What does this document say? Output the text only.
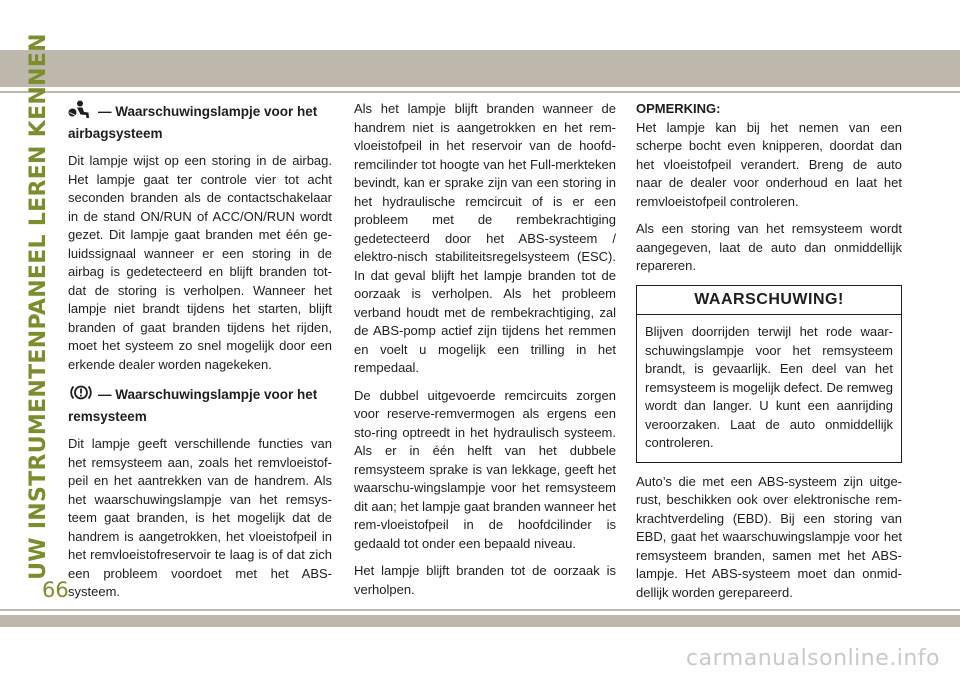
UW INSTRUMENTENPANEEL LEREN KENNEN	— Waarschuwingslampje voor het airbagsysteem
Dit lampje wijst op een storing in de airbag. Het lampje gaat ter controle vier tot acht seconden branden als de contactschakelaar in de stand ON/RUN of ACC/ON/RUN wordt gezet. Dit lampje gaat branden met één ge-luidssignaal wanneer er een storing in de airbag is gedetecteerd en blijft branden tot-dat de storing is verholpen. Wanneer het lampje niet brandt tijdens het starten, blijft branden of gaat branden tijdens het rijden, moet het systeem zo snel mogelijk door een erkende dealer worden nagekeken.
— Waarschuwingslampje voor het remsysteem
Dit lampje geeft verschillende functies van het remsysteem aan, zoals het remvloeistof-peil en het aantrekken van de handrem. Als het waarschuwingslampje van het remsys-teem gaat branden, is het mogelijk dat de handrem is aangetrokken, het vloeistofpeil in het remvloeistofreservoir te laag is of dat zich een probleem voordoet met het ABS-systeem.
Als het lampje blijft branden wanneer de handrem niet is aangetrokken en het rem-vloeistofpeil in het reservoir van de hoofd-remcilinder tot hoogte van het Full-merkteken bevindt, kan er sprake zijn van een storing in het hydraulische remcircuit of is er een probleem met de rembekrachtiging gedetecteerd door het ABS-systeem / elektro-nisch stabiliteitsregelsysteem (ESC). In dat geval blijft het lampje branden tot de oorzaak is verholpen. Als het probleem verband houdt met de rembekrachtiging, zal de ABS-pomp actief zijn tijdens het remmen en voelt u mogelijk een trilling in het rempedaal.
De dubbel uitgevoerde remcircuits zorgen voor reserve-remvermogen als ergens een sto-ring optreedt in het hydraulisch systeem. Als er in één helft van het dubbele remsysteem sprake is van lekkage, geeft het waarschu-wingslampje voor het remsysteem dit aan; het lampje gaat branden wanneer het rem-vloeistofpeil in de hoofdcilinder is gedaald tot onder een bepaald niveau.
Het lampje blijft branden tot de oorzaak is verholpen.
OPMERKING:
Het lampje kan bij het nemen van een scherpe bocht even knipperen, doordat dan het vloeistofpeil verandert. Breng de auto naar de dealer voor onderhoud en laat het remvloeistofpeil controleren.
Als een storing van het remsysteem wordt aangegeven, laat de auto dan onmiddellijk repareren.
WAARSCHUWING!
Blijven doorrijden terwijl het rode waar-schuwingslampje voor het remsysteem brandt, is gevaarlijk. Een deel van het remsysteem is mogelijk defect. De remweg wordt dan langer. U kunt een aanrijding veroorzaken. Laat de auto onmiddellijk controleren.
Auto’s die met een ABS-systeem zijn uitge-rust, beschikken ook over elektronische rem-krachtverdeling (EBD). Bij een storing van EBD, gaat het waarschuwingslampje voor het remsysteem branden, samen met het ABS-lampje. Het ABS-systeem moet dan onmid-dellijk worden gerepareerd.
66
carmanualsonline.info
